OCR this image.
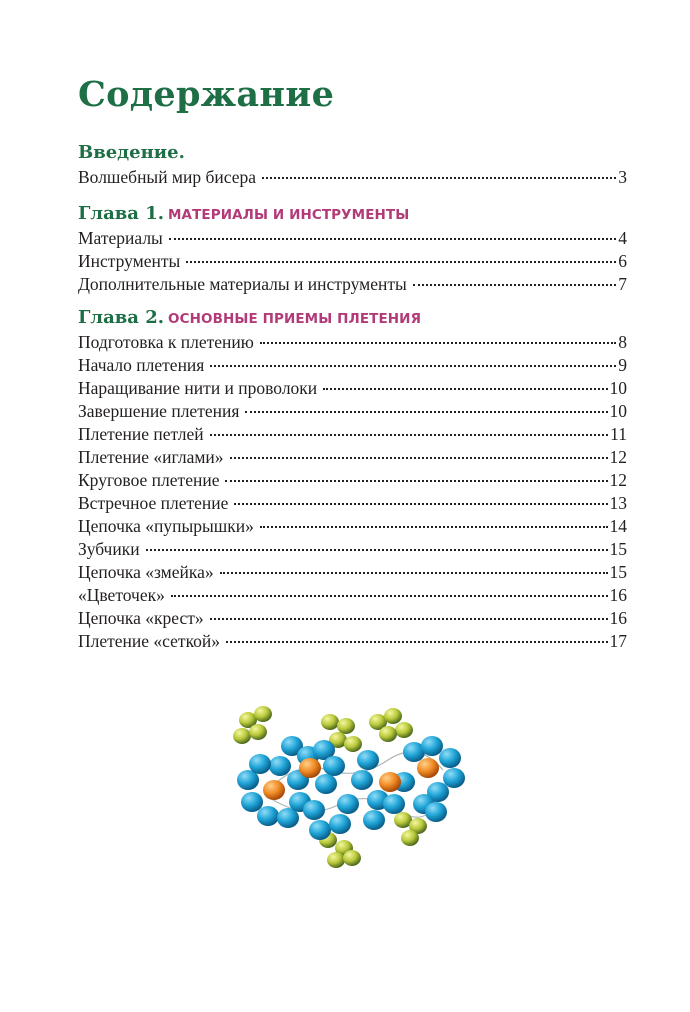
Содержание
Введение.
Волшебный мир бисера	3
Глава 1. МАТЕРИАЛЫ И ИНСТРУМЕНТЫ
Материалы	4
Инструменты	6
Дополнительные материалы и инструменты	7
Глава 2. ОСНОВНЫЕ ПРИЕМЫ ПЛЕТЕНИЯ
Подготовка к плетению	8
Начало плетения	9
Наращивание нити и проволоки	10
Завершение плетения	10
Плетение петлей	11
Плетение «иглами»	12
Круговое плетение	12
Встречное плетение	13
Цепочка «пупырышки»	14
Зубчики	15
Цепочка «змейка»	15
«Цветочек»	16
Цепочка «крест»	16
Плетение «сеткой»	17
